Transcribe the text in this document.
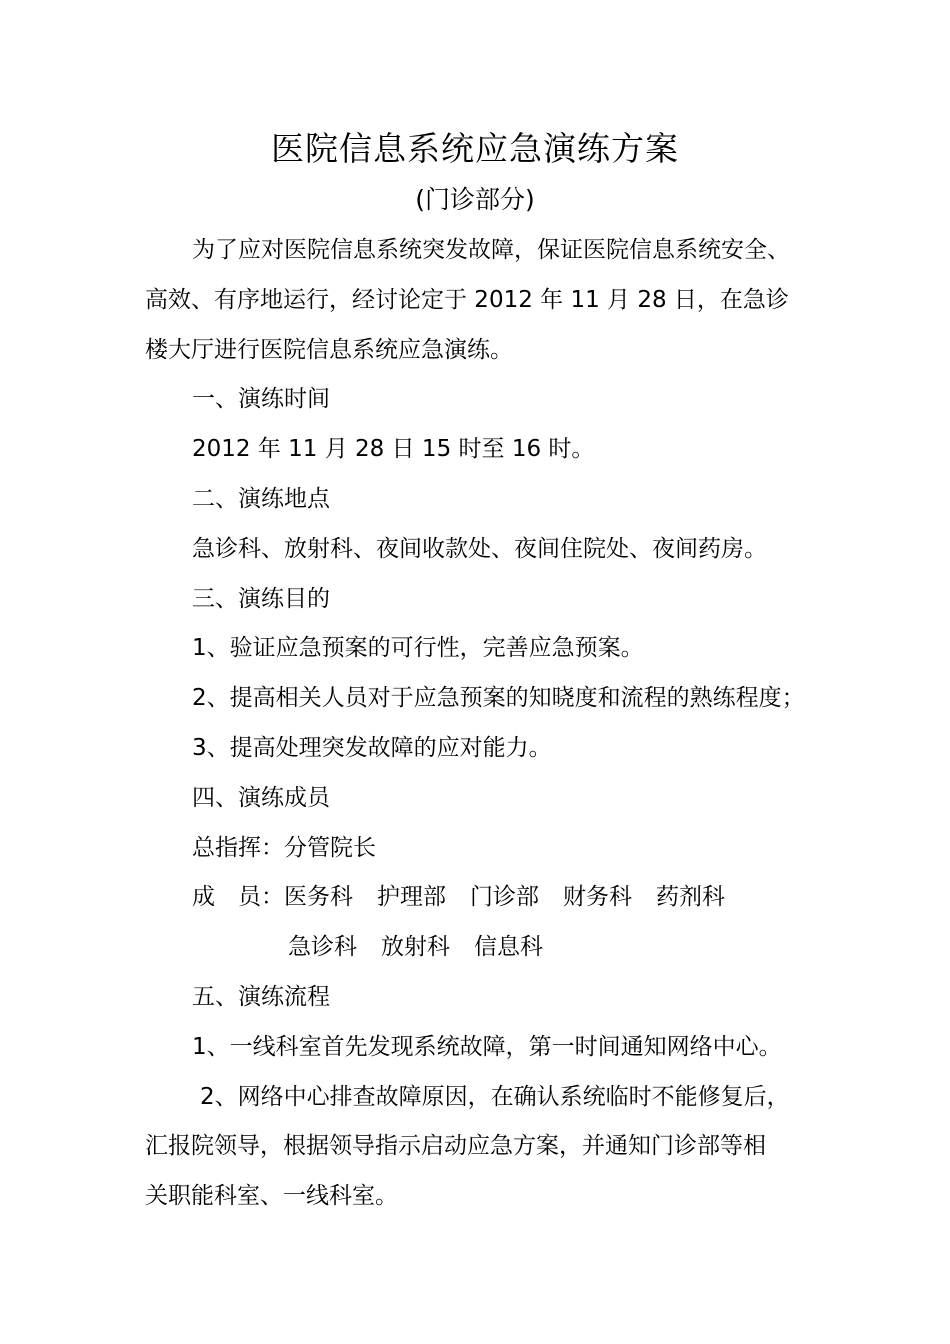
医院信息系统应急演练方案
(门诊部分)
为了应对医院信息系统突发故障，保证医院信息系统安全、
高效、有序地运行，经讨论定于 2012 年 11 月 28 日，在急诊
楼大厅进行医院信息系统应急演练。
一、演练时间
2012 年 11 月 28 日 15 时至 16 时。
二、演练地点
急诊科、放射科、夜间收款处、夜间住院处、夜间药房。
三、演练目的
1、验证应急预案的可行性，完善应急预案。
2、提高相关人员对于应急预案的知晓度和流程的熟练程度；
3、提高处理突发故障的应对能力。
四、演练成员
总指挥：分管院长
成　员：医务科 护理部 门诊部 财务科 药剂科
急诊科 放射科 信息科
五、演练流程
1、一线科室首先发现系统故障，第一时间通知网络中心。
2、网络中心排查故障原因，在确认系统临时不能修复后，
汇报院领导，根据领导指示启动应急方案，并通知门诊部等相
关职能科室、一线科室。
